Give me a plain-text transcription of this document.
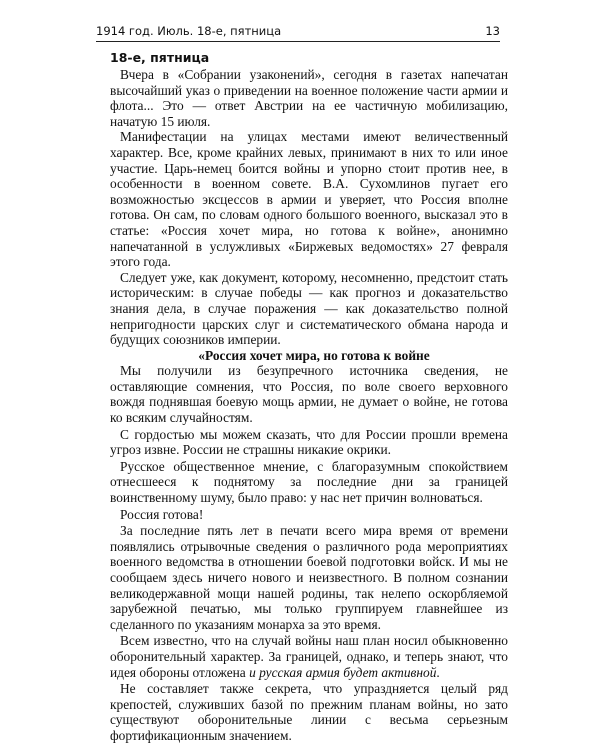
1914 год. Июль. 18-е, пятница	13
18-е, пятница

Вчера в «Собрании узаконений», сегодня в газетах напечатан высочайший указ о приведении на военное положение части армии и флота... Это — ответ Австрии на ее частичную мобилизацию, начатую 15 июля.

Манифестации на улицах местами имеют величественный характер. Все, кроме крайних левых, принимают в них то или иное участие. Царь-немец боится войны и упорно стоит против нее, в особенности в военном совете. В.А. Сухомлинов пугает его возможностью эксцессов в армии и уверяет, что Россия вполне готова. Он сам, по словам одного большого военного, высказал это в статье: «Россия хочет мира, но готова к войне», анонимно напечатанной в услужливых «Биржевых ведомостях» 27 февраля этого года.

Следует уже, как документ, которому, несомненно, предстоит стать историческим: в случае победы — как прогноз и доказательство знания дела, в случае поражения — как доказательство полной непригодности царских слуг и систематического обмана народа и будущих союзников империи.

«Россия хочет мира, но готова к войне

Мы получили из безупречного источника сведения, не оставляющие сомнения, что Россия, по воле своего верховного вождя поднявшая боевую мощь армии, не думает о войне, не готова ко всяким случайностям.

С гордостью мы можем сказать, что для России прошли времена угроз извне. России не страшны никакие окрики.

Русское общественное мнение, с благоразумным спокойствием отнесшееся к поднятому за последние дни за границей воинственному шуму, было право: у нас нет причин волноваться.

Россия готова!

За последние пять лет в печати всего мира время от времени появлялись отрывочные сведения о различного рода мероприятиях военного ведомства в отношении боевой подготовки войск. И мы не сообщаем здесь ничего нового и неизвестного. В полном сознании великодержавной мощи нашей родины, так нелепо оскорбляемой зарубежной печатью, мы только группируем главнейшее из сделанного по указаниям монарха за это время.

Всем известно, что на случай войны наш план носил обыкновенно оборонительный характер. За границей, однако, и теперь знают, что идея обороны отложена и русская армия будет активной.

Не составляет также секрета, что упраздняется целый ряд крепостей, служивших базой по прежним планам войны, но зато существуют оборонительные линии с весьма серьезным фортификационным значением.
